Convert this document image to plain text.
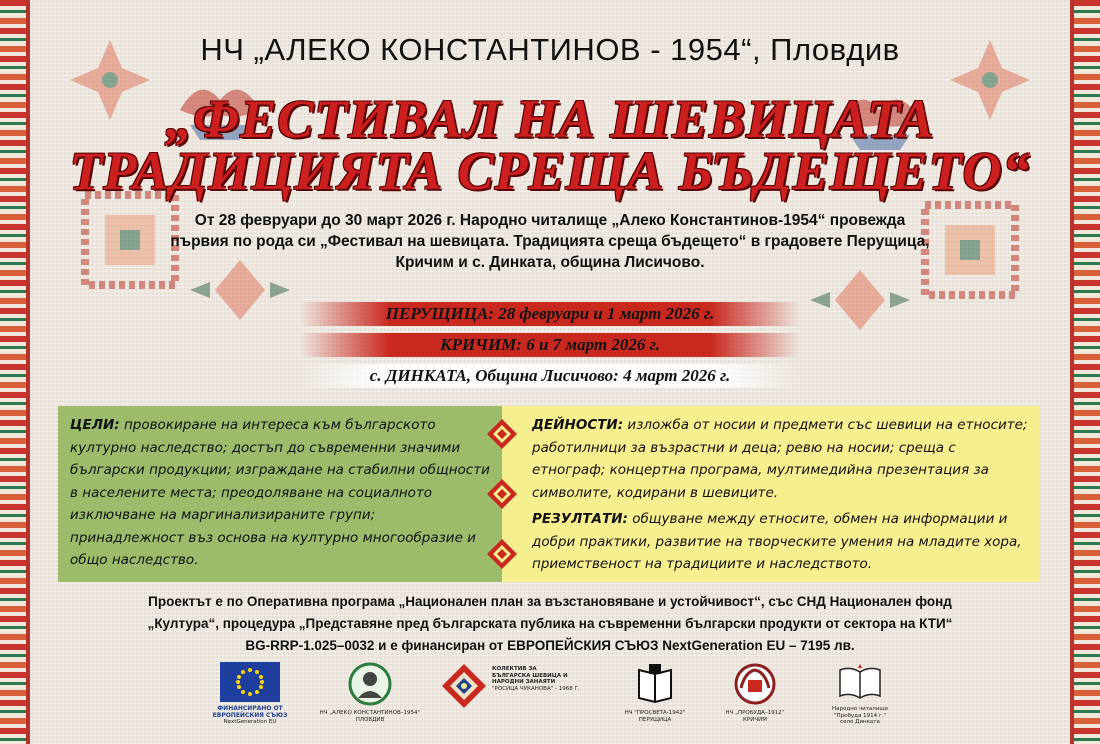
НЧ „АЛЕКО КОНСТАНТИНОВ - 1954“, Пловдив
„ФЕСТИВАЛ НА ШЕВИЦАТА
ТРАДИЦИЯТА СРЕЩА БЪДЕЩЕТО“
От 28 февруари до 30 март 2026 г. Народно читалище „Алеко Константинов-1954“ провежда първия по рода си „Фестивал на шевицата. Традицията среща бъдещето“ в градовете Перущица, Кричим и с. Динката, община Лисичово.
ПЕРУЩИЦА: 28 февруари и 1 март 2026 г.
КРИЧИМ: 6 и 7 март 2026 г.
с. ДИНКАТА, Община Лисичово: 4 март 2026 г.
ЦЕЛИ: провокиране на интереса към българското културно наследство; достъп до съвременни значими български продукции; изграждане на стабилни общности в населените места; преодоляване на социалното изключване на маргинализираните групи; принадлежност въз основа на културно многообразие и общо наследство.
ДЕЙНОСТИ: изложба от носии и предмети със шевици на етносите; работилници за възрастни и деца; ревю на носии; среща с етнограф; концертна програма, мултимедийна презентация за символите, кодирани в шевиците.
РЕЗУЛТАТИ: общуване между етносите, обмен на информации и добри практики, развитие на творческите умения на младите хора, приемственост на традициите и наследството.
Проектът е по Оперативна програма „Национален план за възстановяване и устойчивост“, със СНД Национален фонд
„Култура“, процедура „Представяне пред българската публика на съвременни български продукти от сектора на КТИ“
BG-RRP-1.025–0032 и е финансиран от ЕВРОПЕЙСКИЯ СЪЮЗ NextGeneration EU – 7195 лв.
ФИНАНСИРАНО ОТ
ЕВРОПЕЙСКИЯ СЪЮЗ
NextGeneration EU
НЧ „АЛЕКО КОНСТАНТИНОВ–1954“
ПЛОВДИВ
КОЛЕКТИВ ЗА
БЪЛГАРСКА ШЕВИЦА И
НАРОДНИ ЗАНАЯТИ
"РОСИЦА ЧУКАНОВА" - 1968 Г.
НЧ "ПРОСВЕТА-1942"
ПЕРУЩИЦА
НЧ „ПРОБУДА–1912“
КРИЧИМ
Народно читалище
"Пробуда 1914 г."
село Динката
